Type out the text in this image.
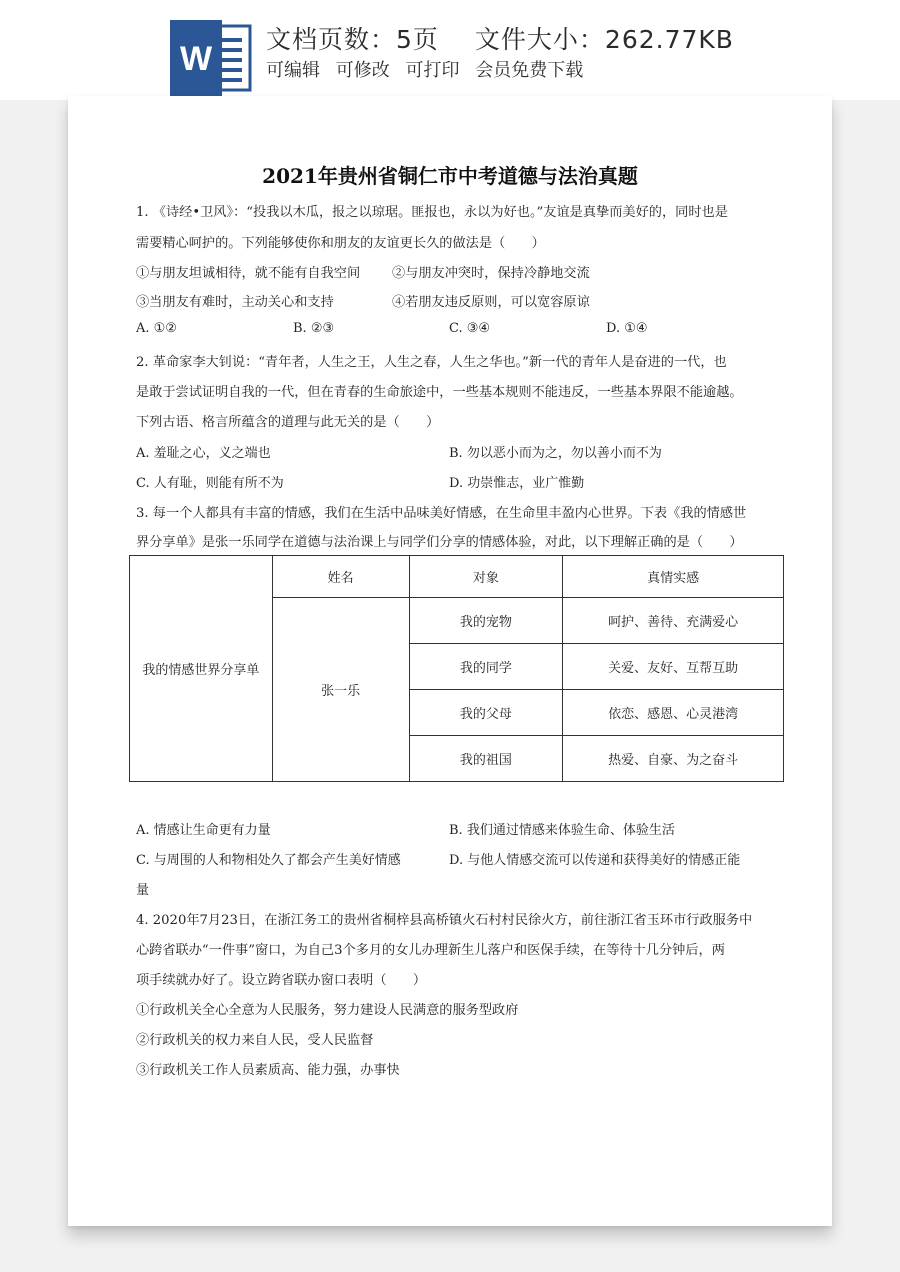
W
文档页数：5页 文件大小：262.77KB
可编辑 可修改 可打印 会员免费下载
2021年贵州省铜仁市中考道德与法治真题
1. 《诗经•卫风》：“投我以木瓜，报之以琼琚。匪报也，永以为好也。”友谊是真挚而美好的，同时也是
需要精心呵护的。下列能够使你和朋友的友谊更长久的做法是（　　）
①与朋友坦诚相待，就不能有自我空间 ②与朋友冲突时，保持冷静地交流
③当朋友有难时，主动关心和支持	④若朋友违反原则，可以宽容原谅
A. ①②	B. ②③	C. ③④	D. ①④
2. 革命家李大钊说：“青年者，人生之王，人生之春，人生之华也。”新一代的青年人是奋进的一代，也
是敢于尝试证明自我的一代，但在青春的生命旅途中，一些基本规则不能违反，一些基本界限不能逾越。
下列古语、格言所蕴含的道理与此无关的是（　　）
A. 羞耻之心，义之端也	B. 勿以恶小而为之，勿以善小而不为
C. 人有耻，则能有所不为	D. 功崇惟志，业广惟勤
3. 每一个人都具有丰富的情感，我们在生活中品味美好情感，在生命里丰盈内心世界。下表《我的情感世
界分享单》是张一乐同学在道德与法治课上与同学们分享的情感体验，对此，以下理解正确的是（　　）
我的情感世界分享单	姓名	对象	真情实感
	张一乐	我的宠物	呵护、善待、充满爱心
		我的同学	关爱、友好、互帮互助
		我的父母	依恋、感恩、心灵港湾
		我的祖国	热爱、自豪、为之奋斗
A. 情感让生命更有力量	B. 我们通过情感来体验生命、体验生活
C. 与周围的人和物相处久了都会产生美好情感	D. 与他人情感交流可以传递和获得美好的情感正能
量
4. 2020年7月23日，在浙江务工的贵州省桐梓县高桥镇火石村村民徐火方，前往浙江省玉环市行政服务中
心跨省联办“一件事”窗口，为自己3个多月的女儿办理新生儿落户和医保手续，在等待十几分钟后，两
项手续就办好了。设立跨省联办窗口表明（　　）
①行政机关全心全意为人民服务，努力建设人民满意的服务型政府
②行政机关的权力来自人民，受人民监督
③行政机关工作人员素质高、能力强，办事快
